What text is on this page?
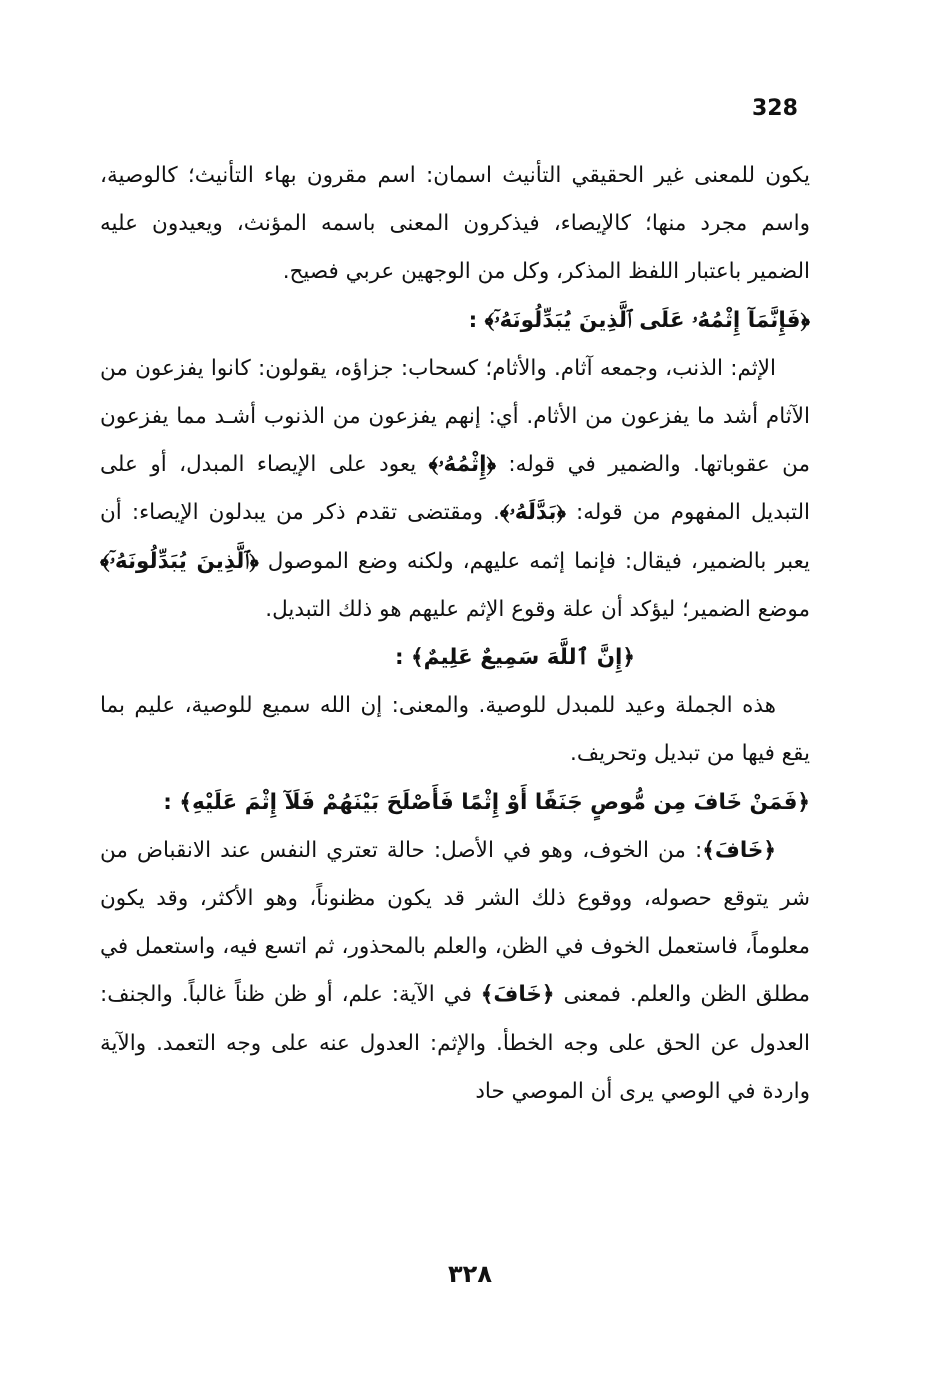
328

يكون للمعنى غير الحقيقي التأنيث اسمان: اسم مقرون بهاء التأنيث؛ كالوصية، واسم مجرد منها؛ كالإيصاء، فيذكرون المعنى باسمه المؤنث، ويعيدون عليه الضمير باعتبار اللفظ المذكر، وكل من الوجهين عربي فصيح.

﴿فَإِنَّمَآ إِثْمُهُۥ عَلَى ٱلَّذِينَ يُبَدِّلُونَهُۥٓ﴾ :

الإثم: الذنب، وجمعه آثام. والأثام؛ كسحاب: جزاؤه، يقولون: كانوا يفزعون من الآثام أشد ما يفزعون من الأثام. أي: إنهم يفزعون من الذنوب أشـد مما يفزعون من عقوباتها. والضمير في قوله: ﴿إِثْمُهُۥ﴾ يعود على الإيصاء المبدل، أو على التبديل المفهوم من قوله: ﴿بَدَّلَهُۥ﴾. ومقتضى تقدم ذكر من يبدلون الإيصاء: أن يعبر بالضمير، فيقال: فإنما إثمه عليهم، ولكنه وضع الموصول ﴿ٱلَّذِينَ يُبَدِّلُونَهُۥٓ﴾ موضع الضمير؛ ليؤكد أن علة وقوع الإثم عليهم هو ذلك التبديل.

﴿إِنَّ ٱللَّهَ سَمِيعٌ عَلِيمٌ﴾ :

هذه الجملة وعيد للمبدل للوصية. والمعنى: إن الله سميع للوصية، عليم بما يقع فيها من تبديل وتحريف.

﴿فَمَنْ خَافَ مِن مُّوصٍ جَنَفًا أَوْ إِثْمًا فَأَصْلَحَ بَيْنَهُمْ فَلَآ إِثْمَ عَلَيْهِ﴾ :

﴿خَافَ﴾: من الخوف، وهو في الأصل: حالة تعتري النفس عند الانقباض من شر يتوقع حصوله، ووقوع ذلك الشر قد يكون مظنوناً، وهو الأكثر، وقد يكون معلوماً، فاستعمل الخوف في الظن، والعلم بالمحذور، ثم اتسع فيه، واستعمل في مطلق الظن والعلم. فمعنى ﴿خَافَ﴾ في الآية: علم، أو ظن ظناً غالباً. والجنف: العدول عن الحق على وجه الخطأ. والإثم: العدول عنه على وجه التعمد. والآية واردة في الوصي يرى أن الموصي حاد

٣٢٨
